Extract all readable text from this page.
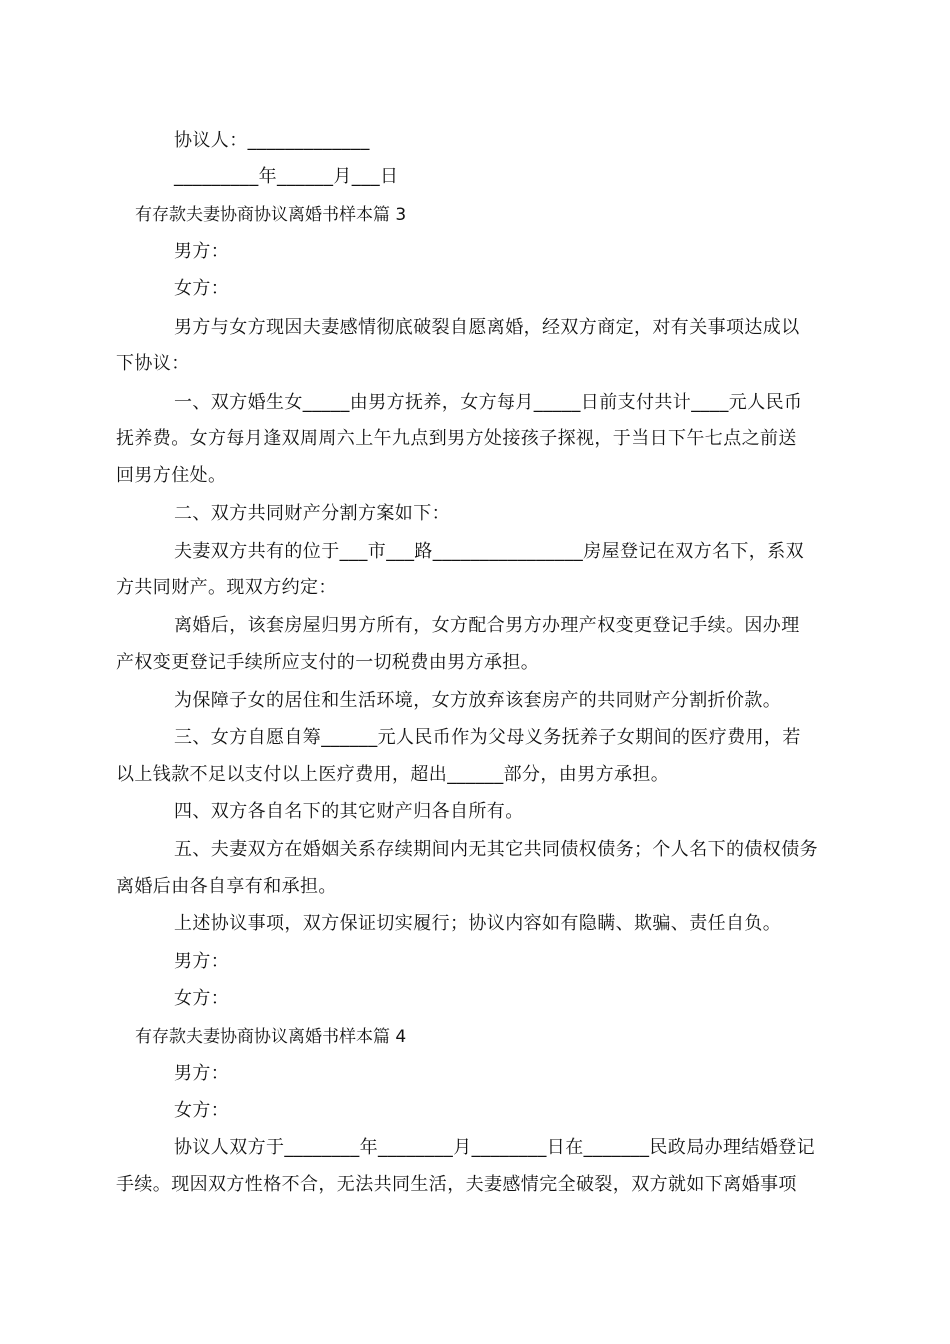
协议人：_____________
_________年______月___日
有存款夫妻协商协议离婚书样本篇 3
男方：
女方：
男方与女方现因夫妻感情彻底破裂自愿离婚，经双方商定，对有关事项达成以
下协议：
一、双方婚生女_____由男方抚养，女方每月_____日前支付共计____元人民币
抚养费。女方每月逢双周周六上午九点到男方处接孩子探视，于当日下午七点之前送
回男方住处。
二、双方共同财产分割方案如下：
夫妻双方共有的位于___市___路________________房屋登记在双方名下，系双
方共同财产。现双方约定：
离婚后，该套房屋归男方所有，女方配合男方办理产权变更登记手续。因办理
产权变更登记手续所应支付的一切税费由男方承担。
为保障子女的居住和生活环境，女方放弃该套房产的共同财产分割折价款。
三、女方自愿自筹______元人民币作为父母义务抚养子女期间的医疗费用，若
以上钱款不足以支付以上医疗费用，超出______部分，由男方承担。
四、双方各自名下的其它财产归各自所有。
五、夫妻双方在婚姻关系存续期间内无其它共同债权债务；个人名下的债权债务
离婚后由各自享有和承担。
上述协议事项，双方保证切实履行；协议内容如有隐瞒、欺骗、责任自负。
男方：
女方：
有存款夫妻协商协议离婚书样本篇 4
男方：
女方：
协议人双方于________年________月________日在_______民政局办理结婚登记
手续。现因双方性格不合，无法共同生活，夫妻感情完全破裂，双方就如下离婚事项
